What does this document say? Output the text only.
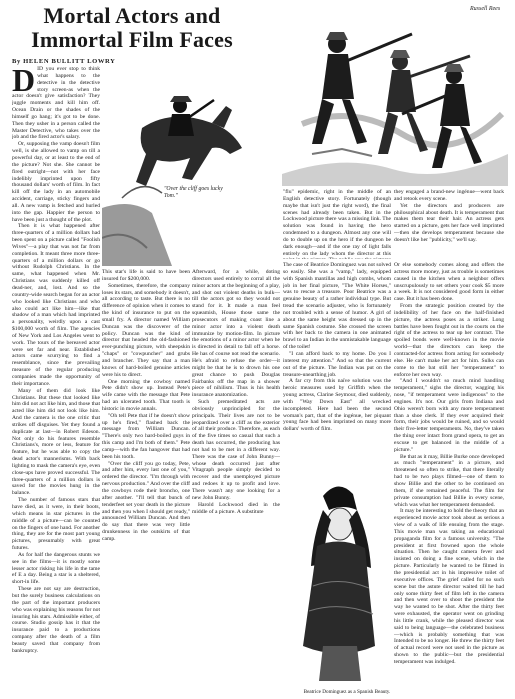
Mortal Actors and
Immortal Film Faces
By HELEN BULLITT LOWRY
Russell Rees
"Over the cliff goes lucky Tom."

DID you ever stop to think what happens to the detective in the detective story screen-as when the actor doesn't give satisfaction? They juggle moments and kill him off. Ocean Drain or the shades of the himself go hang; it's got to be done. Then they usher in a person called the Master Detective, who takes over the job and the fired actor's salary.

Or, supposing the vamp doesn't film well, is she allowed to vamp on till a powerful day, or at least to the end of the picture? Not she. She cannot be fired outright—not with her face indelibly imprinted upon fifty thousand dollars' worth of film. In fact kill off the lady in an automobile accident, carriage, sticky fingers and all. A new vamp is fetched and hurled into the gap. Happier the person to have been just a thought of the plot.

Then it is what happened after three-quarters of a million dollars had been spent on a picture called "Foolish Wives"—a play that was not far from completion. It meant three more three-quarters of a million dollars or go without Rudolph Christians. In the same, what happened when Mr. Christians was suddenly killed off dead-ner, and, lost. And so the country-wide search began for an actor who looked like Christians and who also could act like him—like that shadow of a man which had imprinted a personality, weirdly upon a cast $100,000 worth of film. The agencies of New York and Los Angeles went to work. The tours of the bereaved actor were set far and near. Established actors came scurrying to find a resemblance, since the prevailing measure of the regular producing companies made the opportunity of their importance.

Many of them did look like Christians. But these that looked like him did not act like him, and those that acted like him did not look like him. And the camera is the one critic that strikes off disguises. Yet they found a duplicate at last—in Robert Edeson. Not only do his features resemble Christians's, more or less, feature for feature, but he was able to copy the dead actor's mannerisms. With back lighting to mask the camera's eye, even close-ups have proved successful. The three-quarters of a million dollars is saved for the movies hung in the balance.

The number of famous stars that have died, as it were, in their boots, which means in star pictures in the middle of a picture—can be counted on the fingers of one hand. For another thing, they are for the most part young pictures, presumably with great futures.

As for half the dangerous stunts we see in the films—it is mostly some lesser actor risking his life in the tame ef E a day. Being a star is a sheltered, short-in life.

These are not say are destruction, but the surely business calculations on the part of the important producers who was explaining his reasons for not insuring his stars. Admissible either, of course. Studio gossip has it that the insurance paid to a productions company after the death of a film beauty saved that company from bankruptcy.

This star's life is said to have been insured for $200,000.

Sometimes, therefore, the company loses its stars, and somebody it doesn't, all according to taste. But there is no difference of opinion when it comes to the kind of insurance to put on the small fry. A director named William Duncan was the discoverer of the policy. Duncan was the kind of director that headed the old-fashioned ever-punching picture, with sheepskin "chaps" or "cowpuncher" and grubs and brancher. They say that a man knows of hard-boiled genuine articles were his to direct.

One morning the cowboy named Pete didn't show up. Instead Pete's wife came with the message that Pete had an ulcerated tooth. That tooth is historic in movie annals.

"Oh tell Pete that if he doesn't show up he's fired," flashed back the message from William Duncan. "There's only two hard-boiled guys in this camp and I'm both of them." Pete camp—with the fan hangover that had been his tooth.

"Over the cliff you go today, Pete, and after him, every last one of you," ordered the director. "I'm through with nervous production." And over the cliff the cowboys rode their broncho, one after another. "I'll tell that bunch of tenderfeet set your death in the picture and then you when I should get ready," announced William Duncan. And then do say that there was very little drunkenness in the outskirts of that camp.

Afterward, for a while, doting directors used entirely to corral all the minor actors at the beginning of a play, and shot out violent deaths in bulk—till the actors got so they would not stand for it. It made a man feel squeamish, House those same the prosecutors of making coast line a minor actor into a violent death immunize by motion-film. In picture the emotions of a minor actor when he is directed in detail to fall off a horse. He has of course not read the scenario. He's afraid to refuse the order—it might be that he is to drown his one great chance to push Douglas Fairbanks off the map in a shower piece of nihilism. Thus is his health insurance anatomization.

Such premeditated acts are obviously unprincipled for the principals. Their lives are not to be jeopardized over a cliff as the exterior of all their produce. Therefore, as each of the five times so casual that such a death has occurred, the producing has not had to be met in a different way. There was the case of John Bunny—whose death occurred just after Vitagraph people simply decided to recover and the unemployed picture and redoes it up to profit and love. There wasn't any one looking for a new John Bunny.

Harold Lockwood died in the middle of a picture. A substitute

"flu" epidemic, right in the middle of an English detective story. Fortunately (though maybe that isn't just the right word), the final scenes had already been taken. But in the Lockwood picture there was a missing link. The solution was found in having the hero condemned to a dungeon. Almost any one will do to double up on the hero if the dungeon be dark enough—and if the one ray of light falls entirely on the lady whom the director at this

The case of Beatrice Dominguez was not solved so easily. She was a "vamp," lady, equipped with Spanish mantillas and high combs, whom job in her final picture, "The White Horses," was to rescue a treasure. Poor Beatrice was a genuine beauty of a rather individual type. But tread the scenario adjuster, who is fortunately not troubled with a sense of humor. A girl of about the same height was dressed up in the same Spanish costume. She crossed the screen with her back to the camera in one animated brawl to an Indian in the unmistakable language of the toilet!

"I can afford back to my home. Do you I interest my attention." And so that the current out of the picture. The Indian was put on the treasure-unearthing job.

A far cry from this naïve solution was the heroic measures used by Griffith when the young actress, Clarine Seymour, died suddenly, with "Way Down East" all wrecked incompleted. Here had been the second woman's part, that of the ingénue, her piquant young face had been imprinted on many more dollars' worth of film.

they engaged a brand-new ingénue—went back and retook every scene.

Yet the directors and producers are philosophical about death. It is temperament that makes them tear their hair. An actress gets started on a picture, gets her face well imprinted—then she develops temperament because she doesn't like her "publicity," we'll say.

Or else somebody comes along and offers the actress more money, just as trouble is sometimes caused in the kitchen when a neighbor offers unscrupulously to set others your cook $5 more a week. It is not considered good form in either case. But it has been done.

From the strategic position created by the indelibility of her face on the half-finished picture, the actress poses as a striker. Long battles have been fought out in the courts on the right of the actress to tear up her contract. The spoiled bonds were well-known in the movie world—that the directors can keep the contracted-for actress from acting for somebody else. He can't make her act for him. Sulks can come to the bat still her "temperament" to enforce her own way.

"And I wouldn't so much mind handling temperament," sighs the director, wagging his nose, "if temperament were indigenous" to the engines. It's not. Our girls from Indiana and Ohio weren't born with any more temperament than a shoe clerk. If they ever acquired their form, their jobs would be ruined, and so would their five-letter temperaments. No, they've taken the thing over intact from grand opera, to get an excuse to get balanced in the middle of a picture."

Be that as it may, Billie Burke once developed as much "temperament" in a picture, and threatened so often to strike, that there literally had to be two plays filmed—one of them to show Billie and the other to be continued on them, if she remained peaceful. The film for private consumption had Billie in every scene, which was what her temperament demanded.

It may be interesting to hold the theory that an experienced movie actor took about as serious a view of a walk of life ensuing from the stage. This movie man was taking an educational propaganda film for a famous university. "The president at first frowned upon the whole situation. Then he caught camera fever and insisted on doing a fine scene, which in the picture. Particularly he wanted to be filmed in the presidential act in his impressive toilet of executive offices. The grief called for no such scene but the astute director waited till he had only some thirty feet of film left in the camera and then went over to shoot the president the way he wanted to be shot. After the thirty feet were exhausted, the operator went on grinding his little crank, while the pleased director was said to being language—the celebrated business—which is probably something that was Intended to be no longer. He threw the thirty feet of actual record were not used in the picture as shown to the public—but the presidential temperament was indulged.

Beatrice Dominguez as a Spanish Beauty.
